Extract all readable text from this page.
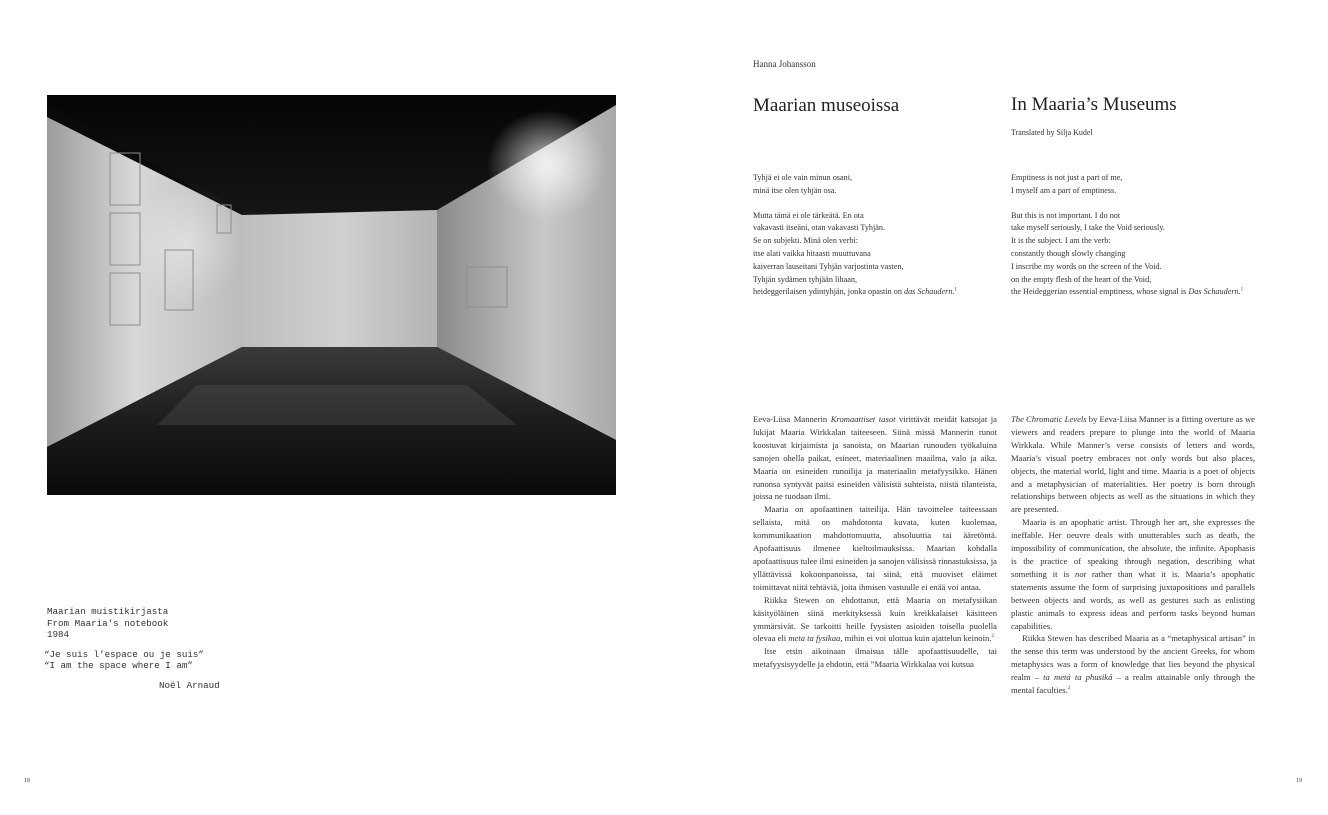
Maarian muistikirjasta
From Maaria's notebook
1984
“Je suis l’espace ou je suis”
“I am the space where I am”
Noël Arnaud
18
Hanna Johansson
Maarian museoissa	In Maaria’s Museums
Translated by Silja Kudel
Tyhjä ei ole vain minun osani,
minä itse olen tyhjän osa.
Mutta tämä ei ole tärkeätä. En ota
vakavasti itseäni, otan vakavasti Tyhjän.
Se on subjekti. Minä olen verbi:
itse alati vaikka hitaasti muuttuvana
kaiverran lauseitani Tyhjän varjostinta vasten,
Tyhjän sydämen tyhjään lihaan,
heideggerilaisen ydintyhjän, jonka opastin on das Schaudern.$^1$
Emptiness is not just a part of me,
I myself am a part of emptiness.
But this is not important. I do not
take myself seriously, I take the Void seriously.
It is the subject. I am the verb:
constantly though slowly changing
I inscribe my words on the screen of the Void.
on the empty flesh of the heart of the Void,
the Heideggerian essential emptiness, whose signal is Das Schaudern.$^1$

Eeva-Liisa Mannerin Kromaattiset tasot virittävät meidät katsojat ja lukijat Maaria Wirkkalan taiteeseen. Siinä missä Mannerin runot koostuvat kirjaimista ja sanoista, on Maarian runouden työkaluina sanojen ohella paikat, esineet, materiaalinen maailma, valo ja aika. Maaria on esineiden runoilija ja materiaalin metafyysikko. Hänen runonsa syntyvät paitsi esineiden välisistä suhteista, niistä tilanteista, joissa ne tuodaan ilmi.

Maaria on apofaattinen taiteilija. Hän tavoittelee taiteessaan sellaista, mitä on mahdotonta kuvata, kuten kuolemaa, kommunikaation mahdottomuutta, absoluuttia tai ääretöntä. Apofaattisuus ilmenee kieltoilmauksissa. Maarian kohdalla apofaattisuus tulee ilmi esineiden ja sanojen välisissä rinnastuksissa, ja yllättävissä kokoonpanoissa, tai siinä, että muoviset eläimet toimittavat niitä tehtäviä, joita ihmisen vastuulle ei enää voi antaa.

Riikka Stewen on ehdottanut, että Maaria on metafysiikan käsityöläinen siinä merkityksessä kuin kreikkalaiset käsitteen ymmärsivät. Se tarkoitti heille fyysisten asioiden toisella puolella olevaa eli meta ta fysikaa, mihin ei voi ulottua kuin ajattelun keinoin.$^2$

Itse etsin aikoinaan ilmaisua tälle apofaattisuudelle, tai metafyysisyydelle ja ehdotin, että ”Maaria Wirkkalaa voi kutsua

The Chromatic Levels by Eeva-Liisa Manner is a fitting overture as we viewers and readers prepare to plunge into the world of Maaria Wirkkala. While Manner’s verse consists of letters and words, Maaria’s visual poetry embraces not only words but also places, objects, the material world, light and time. Maaria is a poet of objects and a metaphysician of materialities. Her poetry is born through relationships between objects as well as the situations in which they are presented.

Maaria is an apophatic artist. Through her art, she expresses the ineffable. Her oeuvre deals with unutterables such as death, the impossibility of communication, the absolute, the infinite. Apophasis is the practice of speaking through negation, describing what something it is not rather than what it is. Maaria’s apophatic statements assume the form of surprising juxtapositions and parallels between objects and words, as well as gestures such as enlisting plastic animals to express ideas and perform tasks beyond human capabilities.

Riikka Stewen has described Maaria as a “metaphysical artisan” in the sense this term was understood by the ancient Greeks, for whom metaphysics was a form of knowledge that lies beyond the physical realm – ta metá ta phusiká – a realm attainable only through the mental faculties.$^2$

19
